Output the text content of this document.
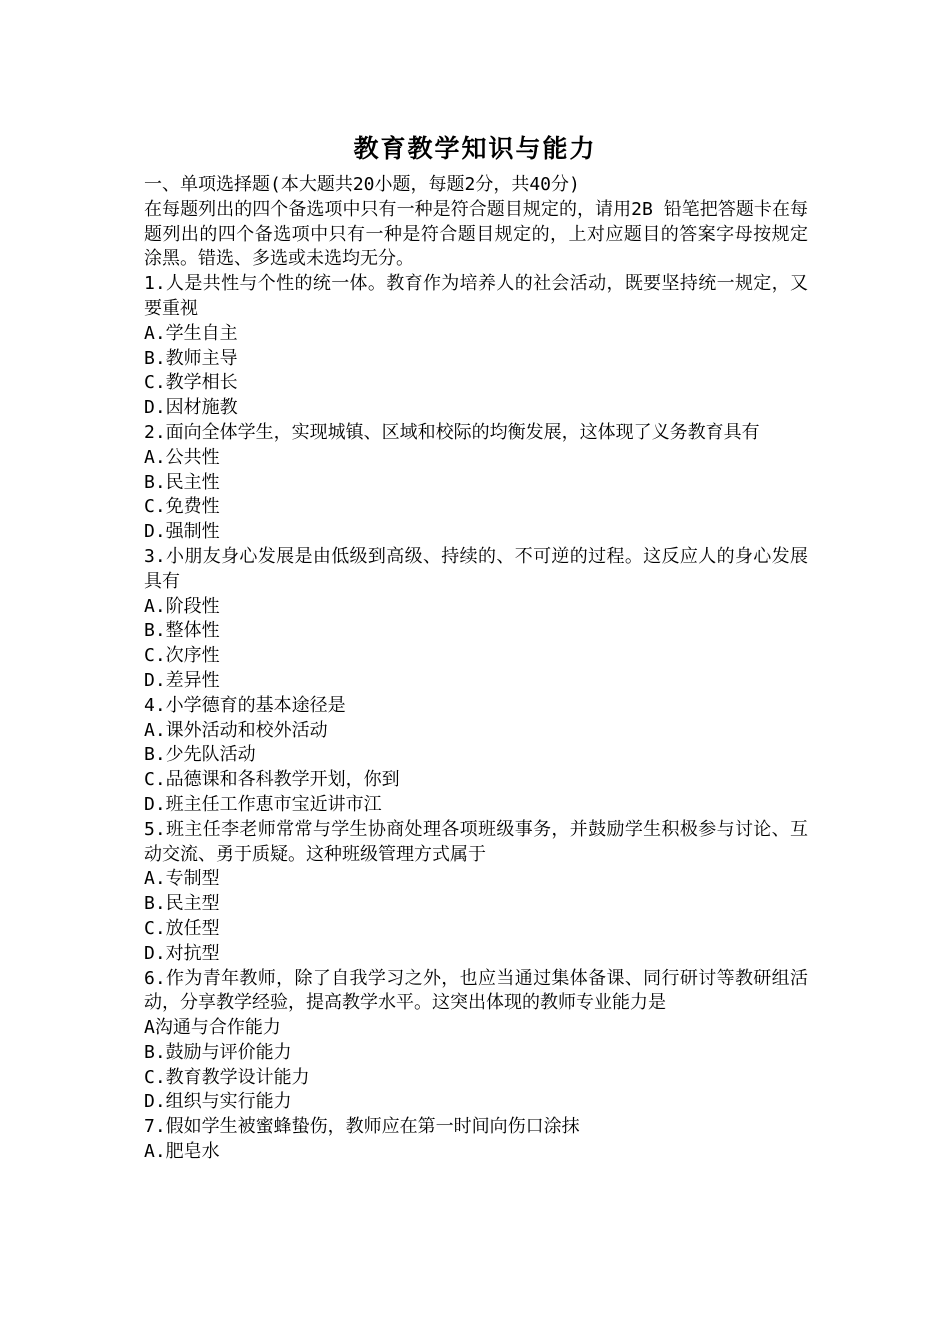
教育教学知识与能力

一、单项选择题(本大题共20小题，每题2分，共40分)

在每题列出的四个备选项中只有一种是符合题目规定的，请用2B 铅笔把答题卡在每题列出的四个备选项中只有一种是符合题目规定的，上对应题目的答案字母按规定涂黑。错选、多选或未选均无分。

1.人是共性与个性的统一体。教育作为培养人的社会活动，既要坚持统一规定，又要重视

A.学生自主

B.教师主导

C.教学相长

D.因材施教

2.面向全体学生，实现城镇、区域和校际的均衡发展，这体现了义务教育具有

A.公共性

B.民主性

C.免费性

D.强制性

3.小朋友身心发展是由低级到高级、持续的、不可逆的过程。这反应人的身心发展具有

A.阶段性

B.整体性

C.次序性

D.差异性

4.小学德育的基本途径是

A.课外活动和校外活动

B.少先队活动

C.品德课和各科教学开划，你到

D.班主任工作恵市宝近讲市江

5.班主任李老师常常与学生协商处理各项班级事务，并鼓励学生积极参与讨论、互动交流、勇于质疑。这种班级管理方式属于

A.专制型

B.民主型

C.放任型

D.对抗型

6.作为青年教师，除了自我学习之外，也应当通过集体备课、同行研讨等教研组活动，分享教学经验，提高教学水平。这突出体现的教师专业能力是

A沟通与合作能力

B.鼓励与评价能力

C.教育教学设计能力

D.组织与实行能力

7.假如学生被蜜蜂蛰伤，教师应在第一时间向伤口涂抹

A.肥皂水
